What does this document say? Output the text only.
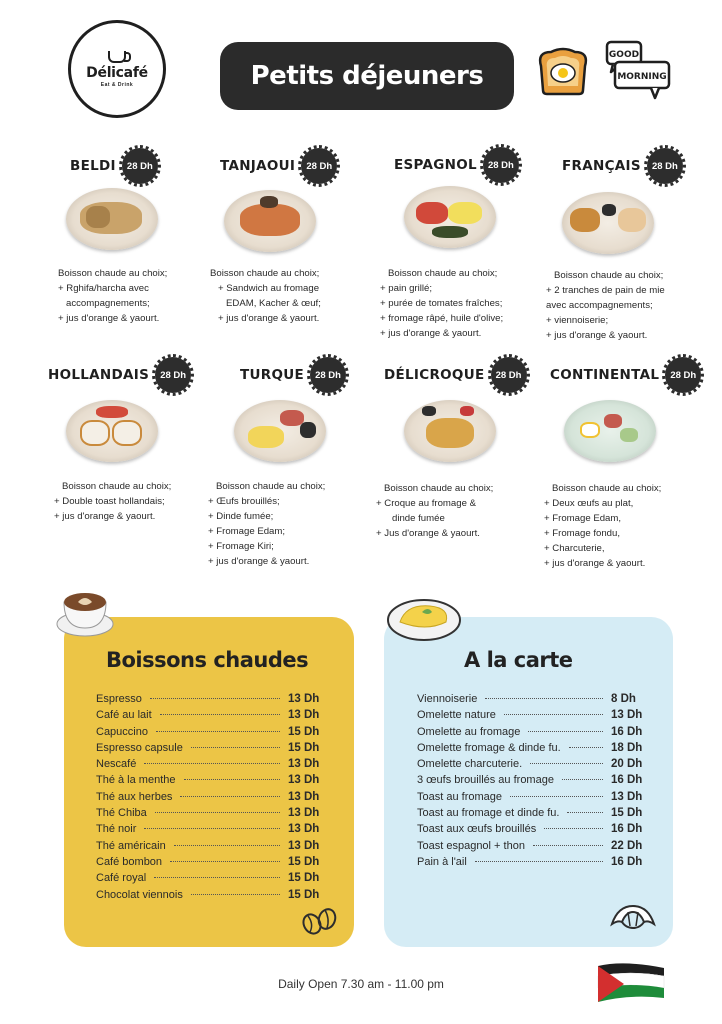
Délicafé
Eat & Drink	Petits déjeuners
GOOD
MORNING
BELDI	28 Dh
Boisson chaude au choix;
+ Rghifa/harcha avec
accompagnements;
+ jus d'orange & yaourt.
TANJAOUI	28 Dh
Boisson chaude au choix;
+ Sandwich au fromage
EDAM, Kacher & œuf;
+ jus d'orange & yaourt.
ESPAGNOL	28 Dh
Boisson chaude au choix;
+ pain grillé;
+ purée de tomates fraîches;
+ fromage râpé, huile d'olive;
+ jus d'orange & yaourt.
FRANÇAIS	28 Dh
Boisson chaude au choix;
+ 2 tranches de pain de mie
avec accompagnements;
+ viennoiserie;
+ jus d'orange & yaourt.
HOLLANDAIS	28 Dh
Boisson chaude au choix;
+ Double toast hollandais;
+ jus d'orange & yaourt.
TURQUE	28 Dh
Boisson chaude au choix;
+ Œufs brouillés;
+ Dinde fumée;
+ Fromage Edam;
+ Fromage Kiri;
+ jus d'orange & yaourt.
DÉLICROQUE	28 Dh
Boisson chaude au choix;
+ Croque au fromage &
dinde fumée
+ Jus d'orange & yaourt.
CONTINENTAL	28 Dh
Boisson chaude au choix;
+ Deux œufs au plat,
+ Fromage Edam,
+ Fromage fondu,
+ Charcuterie,
+ jus d'orange & yaourt.
Boissons chaudes
Espresso	13 Dh
Café au lait	13 Dh
Capuccino	15 Dh
Espresso capsule	15 Dh
Nescafé	13 Dh
Thé à la menthe	13 Dh
Thé aux herbes	13 Dh
Thé Chiba	13 Dh
Thé noir	13 Dh
Thé américain	13 Dh
Café bombon	15 Dh
Café royal	15 Dh
Chocolat viennois	15 Dh
A la carte
Viennoiserie	8 Dh
Omelette nature	13 Dh
Omelette au fromage	16 Dh
Omelette fromage & dinde fu.	18 Dh
Omelette charcuterie.	20 Dh
3 œufs brouillés au fromage	16 Dh
Toast au fromage	13 Dh
Toast au fromage et dinde fu.	15 Dh
Toast aux œufs brouillés	16 Dh
Toast espagnol + thon	22 Dh
Pain à l'ail	16 Dh
Daily Open 7.30 am - 11.00 pm
